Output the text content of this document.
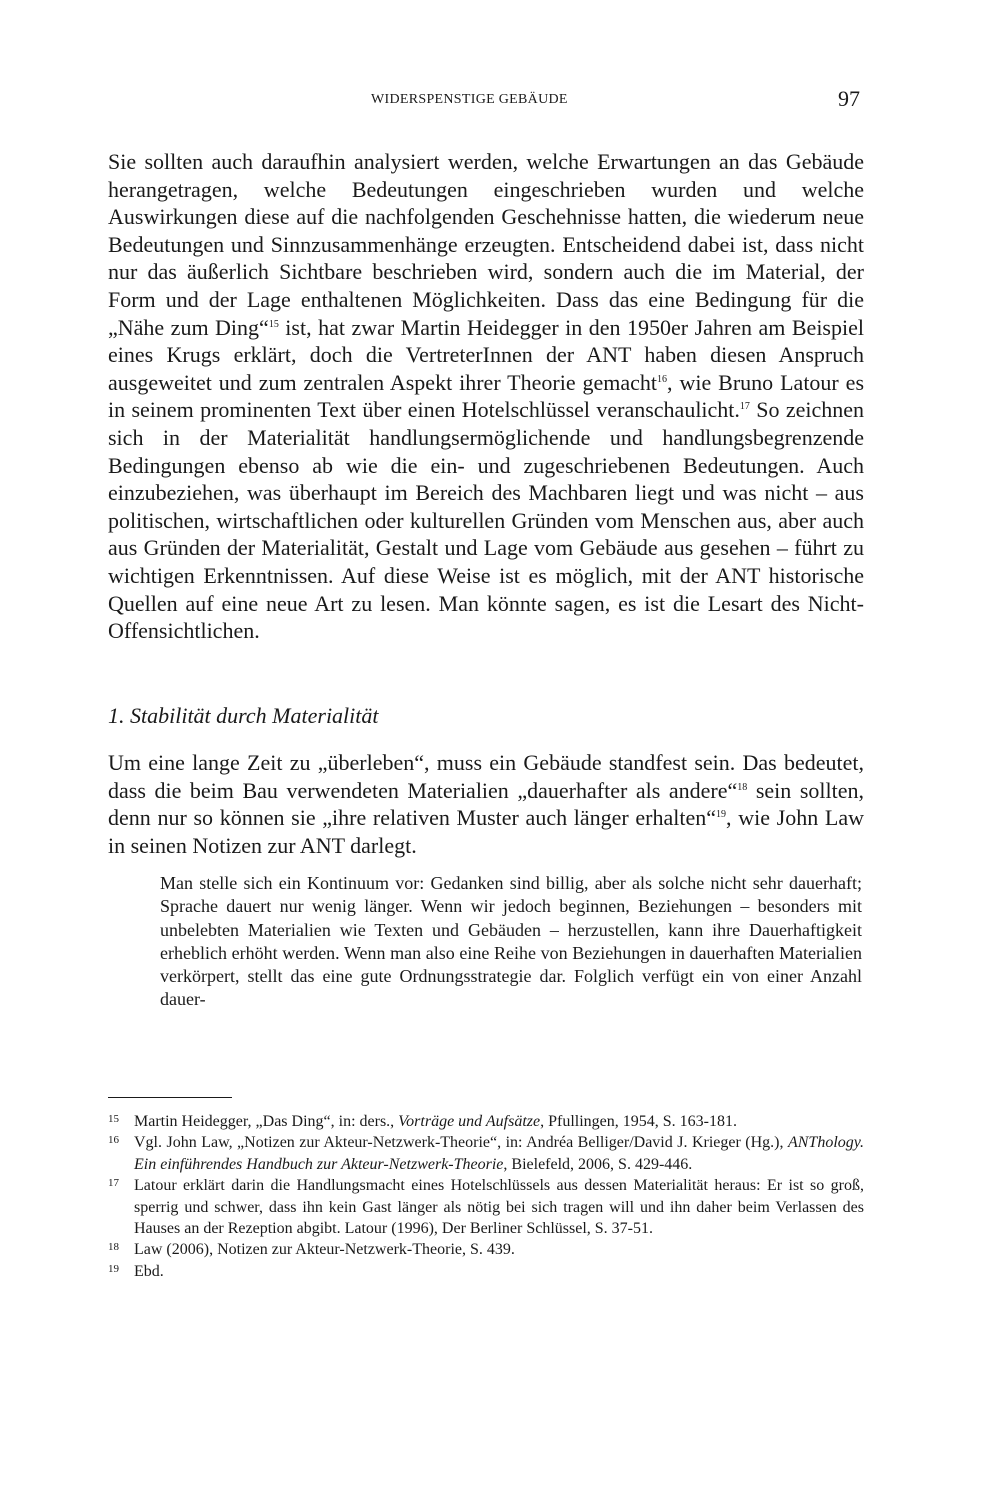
WIDERSPENSTIGE GEBÄUDE	97

Sie sollten auch daraufhin analysiert werden, welche Erwartungen an das Gebäude herangetragen, welche Bedeutungen eingeschrieben wurden und welche Auswirkungen diese auf die nachfolgenden Geschehnisse hatten, die wiederum neue Bedeutungen und Sinnzusammenhänge erzeugten. Entscheidend dabei ist, dass nicht nur das äußerlich Sichtbare beschrieben wird, sondern auch die im Material, der Form und der Lage enthaltenen Möglichkeiten. Dass das eine Bedingung für die „Nähe zum Ding“$^{15}$ ist, hat zwar Martin Heidegger in den 1950er Jahren am Beispiel eines Krugs erklärt, doch die VertreterInnen der ANT haben diesen Anspruch ausgeweitet und zum zentralen Aspekt ihrer Theorie gemacht$^{16}$, wie Bruno Latour es in seinem prominenten Text über einen Hotelschlüssel veranschaulicht.$^{17}$ So zeichnen sich in der Materialität handlungsermöglichende und handlungsbegrenzende Bedingungen ebenso ab wie die ein- und zugeschriebenen Bedeutungen. Auch einzubeziehen, was überhaupt im Bereich des Machbaren liegt und was nicht – aus politischen, wirtschaftlichen oder kulturellen Gründen vom Menschen aus, aber auch aus Gründen der Materialität, Gestalt und Lage vom Gebäude aus gesehen – führt zu wichtigen Erkenntnissen. Auf diese Weise ist es möglich, mit der ANT historische Quellen auf eine neue Art zu lesen. Man könnte sagen, es ist die Lesart des Nicht-Offensichtlichen.

1. Stabilität durch Materialität

Um eine lange Zeit zu „überleben“, muss ein Gebäude standfest sein. Das bedeutet, dass die beim Bau verwendeten Materialien „dauerhafter als andere“$^{18}$ sein sollten, denn nur so können sie „ihre relativen Muster auch länger erhalten“$^{19}$, wie John Law in seinen Notizen zur ANT darlegt.

Man stelle sich ein Kontinuum vor: Gedanken sind billig, aber als solche nicht sehr dauerhaft; Sprache dauert nur wenig länger. Wenn wir jedoch beginnen, Beziehungen – besonders mit unbelebten Materialien wie Texten und Gebäuden – herzustellen, kann ihre Dauerhaftigkeit erheblich erhöht werden. Wenn man also eine Reihe von Beziehungen in dauerhaften Materialien verkörpert, stellt das eine gute Ordnungsstrategie dar. Folglich verfügt ein von einer Anzahl dauer-

15 Martin Heidegger, „Das Ding“, in: ders., Vorträge und Aufsätze, Pfullingen, 1954, S. 163-181.
16 Vgl. John Law, „Notizen zur Akteur-Netzwerk-Theorie“, in: Andréa Belliger/David J. Krieger (Hg.), ANThology. Ein einführendes Handbuch zur Akteur-Netzwerk-Theorie, Bielefeld, 2006, S. 429-446.
17 Latour erklärt darin die Handlungsmacht eines Hotelschlüssels aus dessen Materialität heraus: Er ist so groß, sperrig und schwer, dass ihn kein Gast länger als nötig bei sich tragen will und ihn daher beim Verlassen des Hauses an der Rezeption abgibt. Latour (1996), Der Berliner Schlüssel, S. 37-51.
18 Law (2006), Notizen zur Akteur-Netzwerk-Theorie, S. 439.
19 Ebd.
